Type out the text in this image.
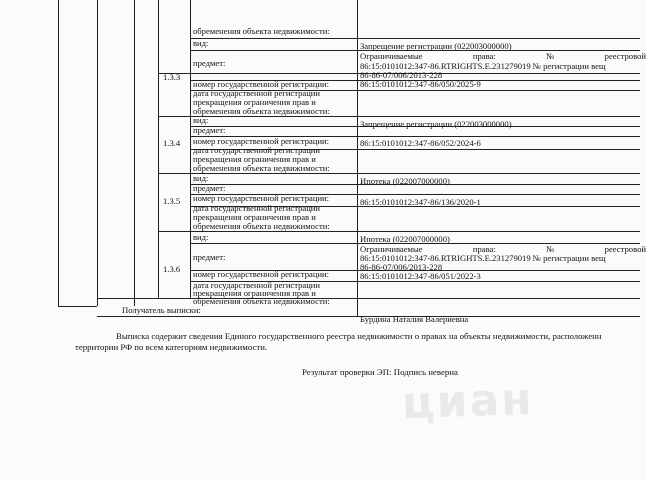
циан
обременения объекта недвижимости:
1.3.3
вид:	Запрещение регистрации (022003000000)
предмет:
Ограничиваемые	права:	№	реестровой
86:15:0101012:347-86.RTRIGHTS.E.231279019 № регистрации вещ
86-86-07/006/2013-228
номер государственной регистрации:	86:15:0101012:347-86/050/2025-9
дата государственной регистрации
прекращения ограничения прав и
обременения объекта недвижимости:
1.3.4
вид:	Запрещение регистрации (022003000000)
предмет:
номер государственной регистрации:	86:15:0101012:347-86/052/2024-6
дата государственной регистрации
прекращения ограничения прав и
обременения объекта недвижимости:
1.3.5
вид:	Ипотека (022007000000)
предмет:
номер государственной регистрации:	86:15:0101012:347-86/136/2020-1
дата государственной регистрации
прекращения ограничения прав и
обременения объекта недвижимости:
1.3.6
вид:	Ипотека (022007000000)
предмет:
Ограничиваемые	права:	№	реестровой
86:15:0101012:347-86.RTRIGHTS.E.231279019 № регистрации вещ
86-86-07/006/2013-228
номер государственной регистрации:	86:15:0101012:347-86/051/2022-3
дата государственной регистрации
прекращения ограничения прав и
обременения объекта недвижимости:
Получатель выписки:
Бурдина Наталия Валериевна
Выписка содержит сведения Единого государственного реестра недвижимости о правах на объекты недвижимости, расположенн
территории РФ по всем категориям недвижимости.
Результат проверки ЭП: Подпись неверна
